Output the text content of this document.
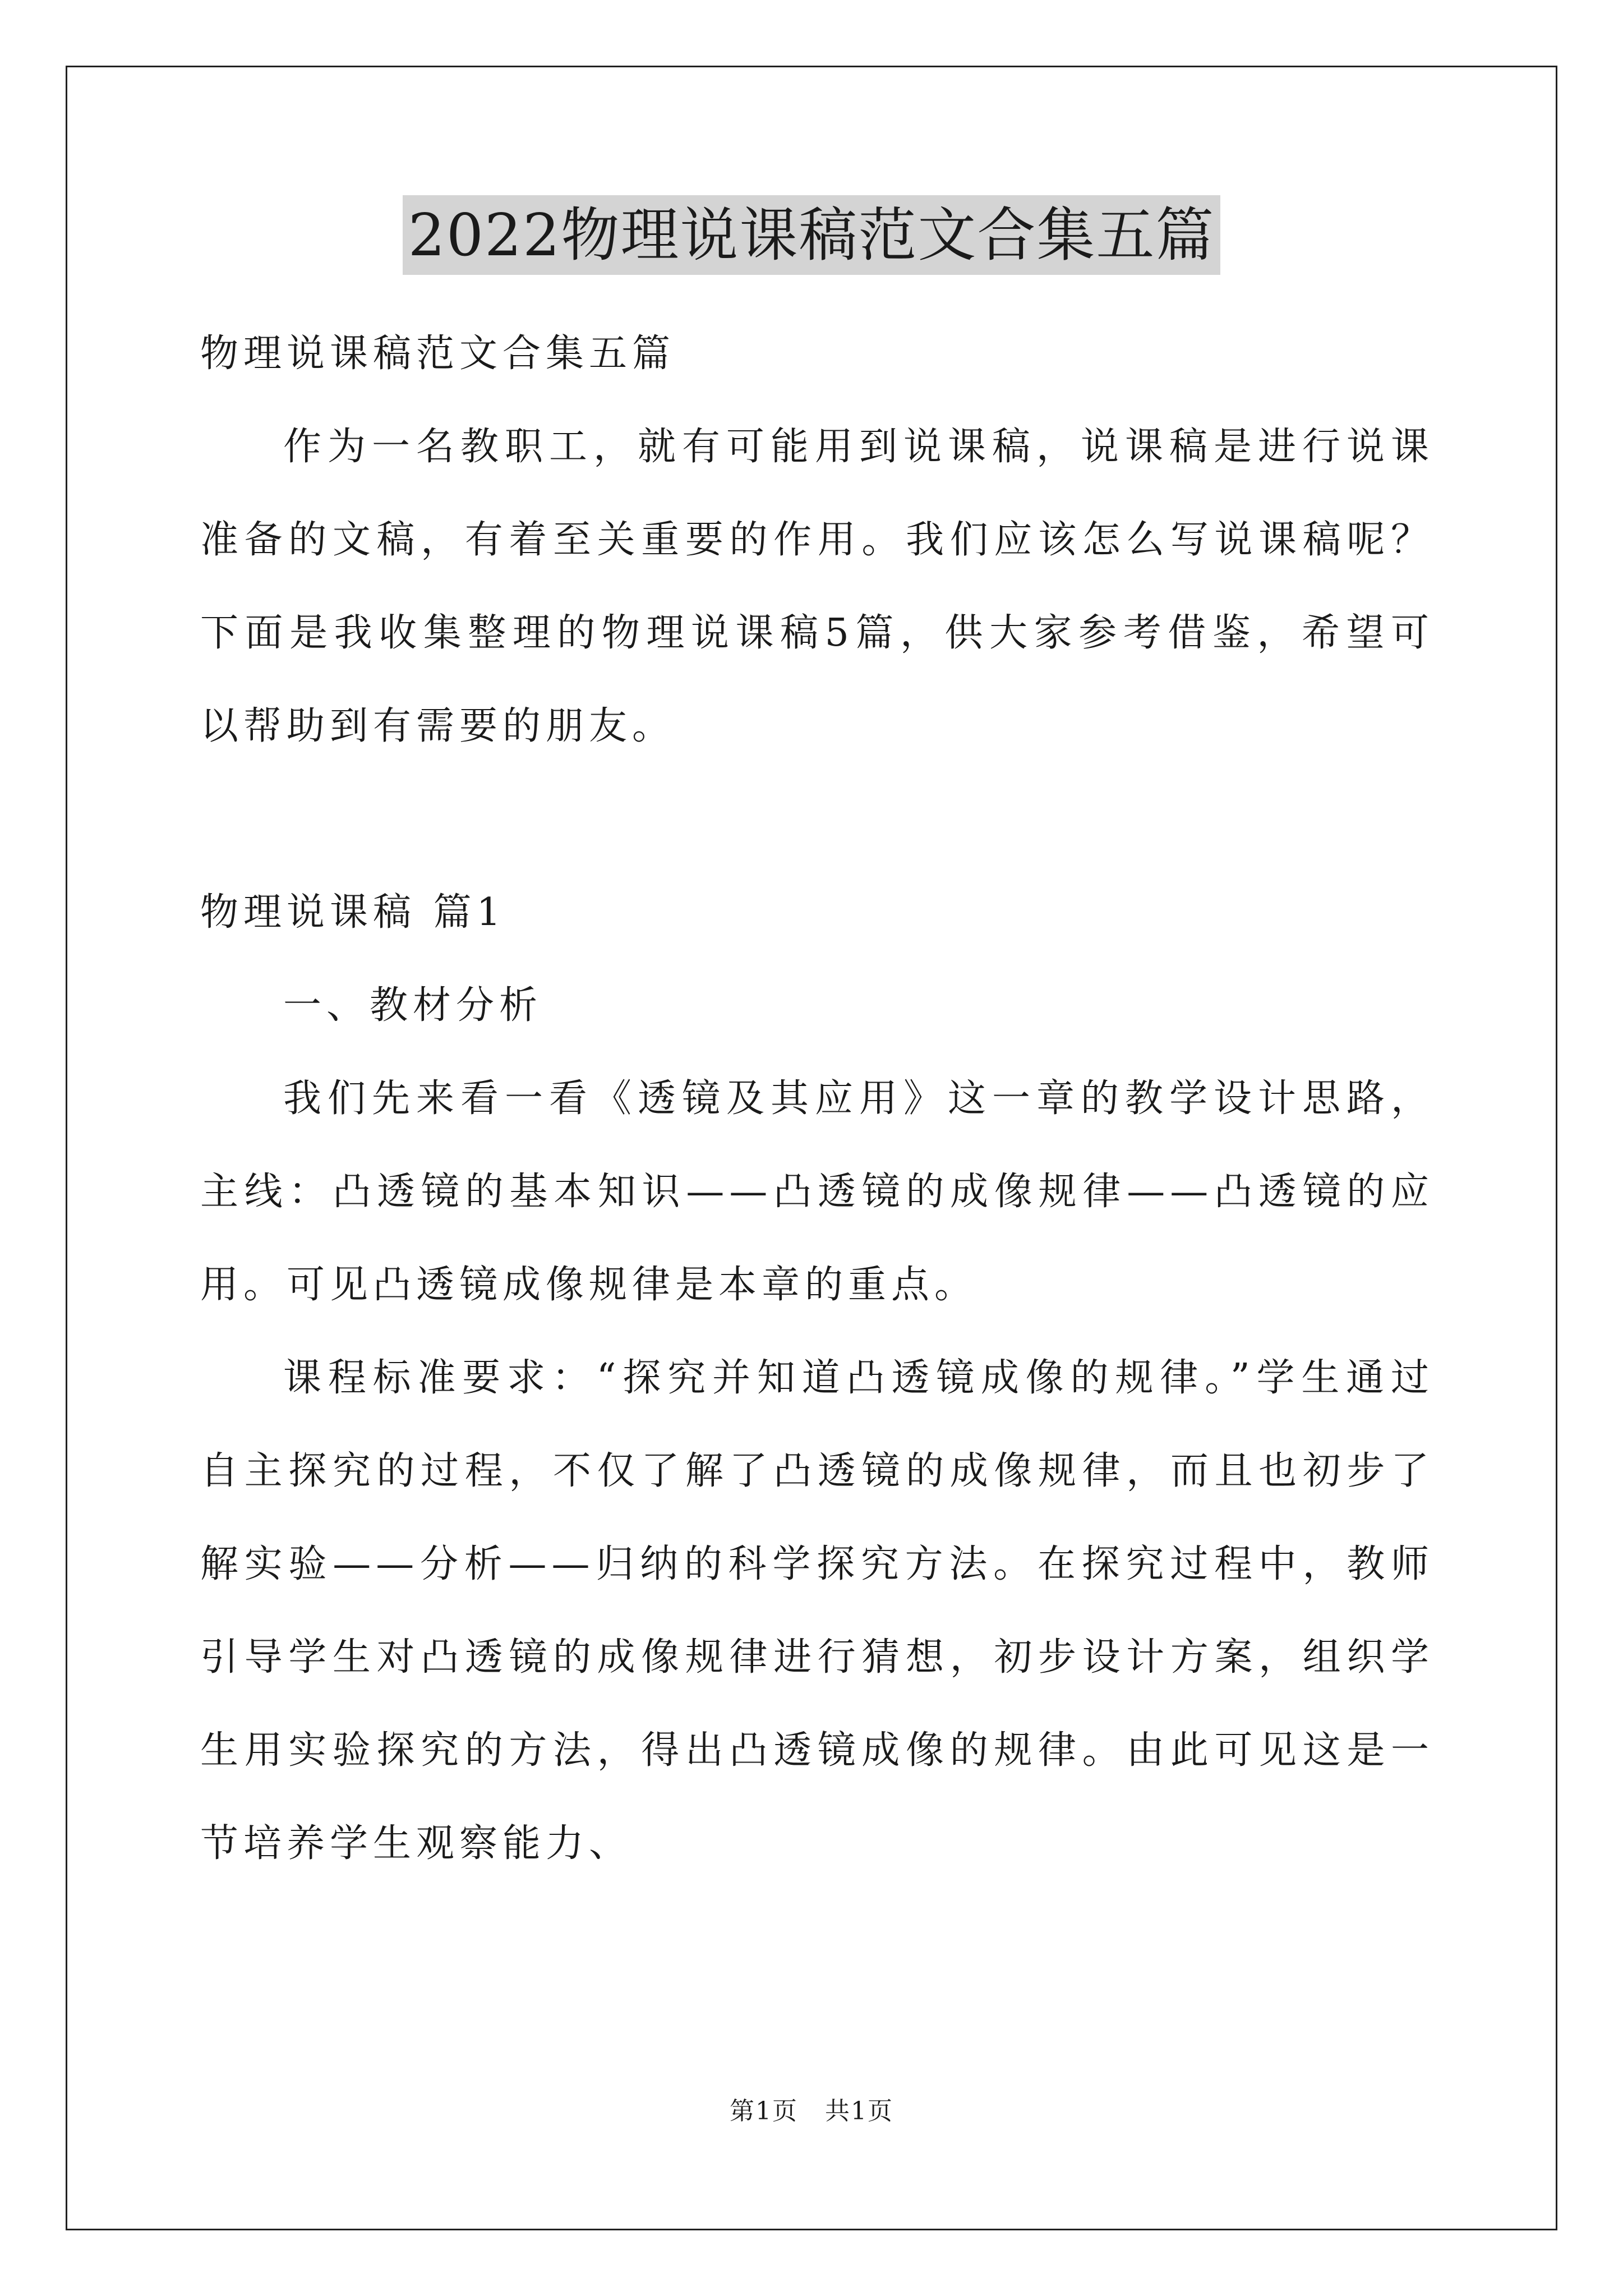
2022物理说课稿范文合集五篇

物理说课稿范文合集五篇

作为一名教职工，就有可能用到说课稿，说课稿是进行说课准备的文稿，有着至关重要的作用。我们应该怎么写说课稿呢？下面是我收集整理的物理说课稿5篇，供大家参考借鉴，希望可以帮助到有需要的朋友。

物理说课稿 篇1

一、教材分析

我们先来看一看《透镜及其应用》这一章的教学设计思路，主线：凸透镜的基本知识——凸透镜的成像规律——凸透镜的应用。可见凸透镜成像规律是本章的重点。

课程标准要求：“探究并知道凸透镜成像的规律。”学生通过自主探究的过程，不仅了解了凸透镜的成像规律，而且也初步了解实验——分析——归纳的科学探究方法。在探究过程中，教师引导学生对凸透镜的成像规律进行猜想，初步设计方案，组织学生用实验探究的方法，得出凸透镜成像的规律。由此可见这是一节培养学生观察能力、

第1页   共1页
